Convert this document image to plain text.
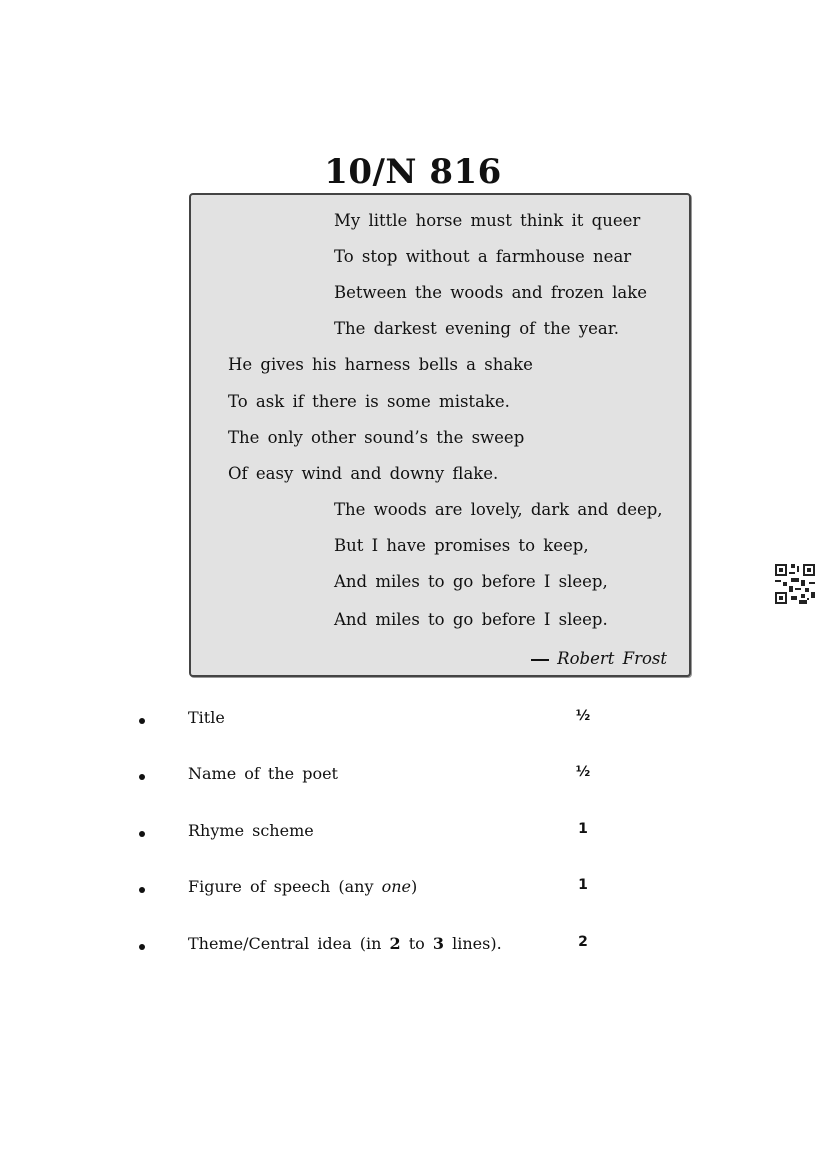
10/N 816
My little horse must think it queer
To stop without a farmhouse near
Between the woods and frozen lake
The darkest evening of the year.
He gives his harness bells a shake
To ask if there is some mistake.
The only other sound’s the sweep
Of easy wind and downy flake.
The woods are lovely, dark and deep,
But I have promises to keep,
And miles to go before I sleep,
And miles to go before I sleep.
Robert Frost
Title	½
Name of the poet	½
Rhyme scheme	1
Figure of speech (any one)	1
Theme/Central idea (in 2 to 3 lines).	2
